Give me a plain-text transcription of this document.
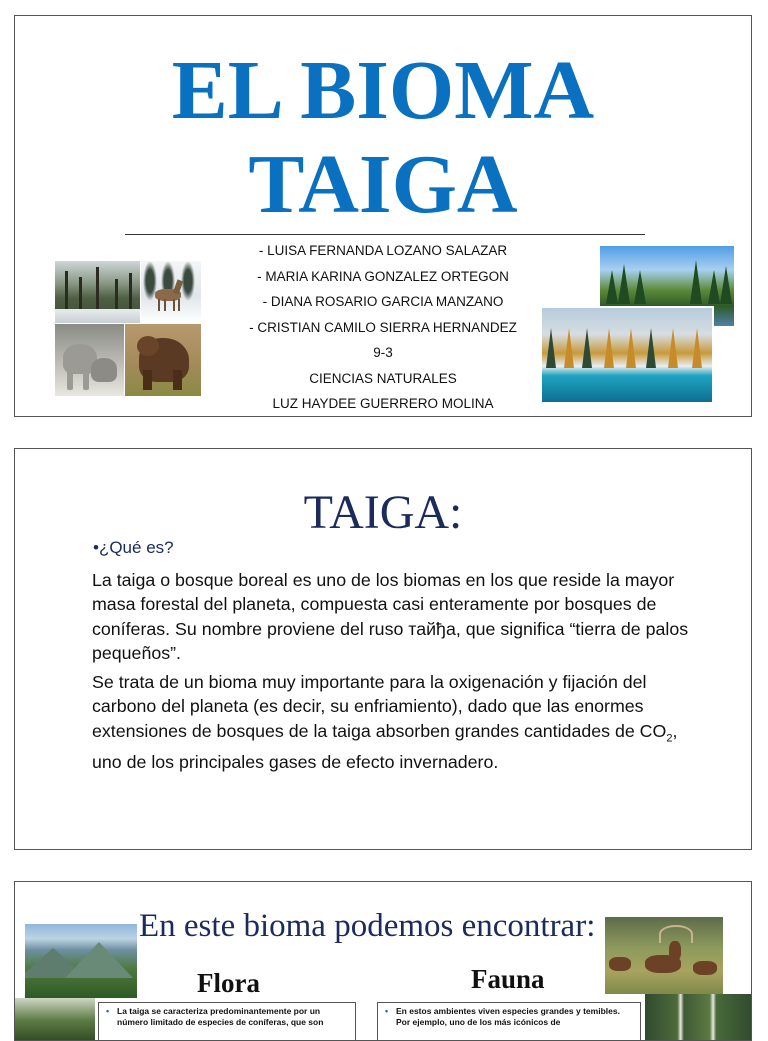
EL BIOMA
TAIGA
- LUISA FERNANDA LOZANO SALAZAR
- MARIA KARINA GONZALEZ ORTEGON
- DIANA ROSARIO GARCIA MANZANO
- CRISTIAN CAMILO SIERRA HERNANDEZ
9-3
CIENCIAS NATURALES
LUZ HAYDEE GUERRERO MOLINA
TAIGA:
•¿Qué es?

La taiga o bosque boreal es uno de los biomas en los que reside la mayor masa forestal del planeta, compuesta casi enteramente por bosques de coníferas. Su nombre proviene del ruso тайђа, que significa “tierra de palos pequeños”.

Se trata de un bioma muy importante para la oxigenación y fijación del carbono del planeta (es decir, su enfriamiento), dado que las enormes extensiones de bosques de la taiga absorben grandes cantidades de $CO_2$, uno de los principales gases de efecto invernadero.

En este bioma podemos encontrar:
Flora	Fauna
• La taiga se caracteriza predominantemente por un número limitado de especies de coníferas, que son
• En estos ambientes viven especies grandes y temibles. Por ejemplo, uno de los más icónicos de
